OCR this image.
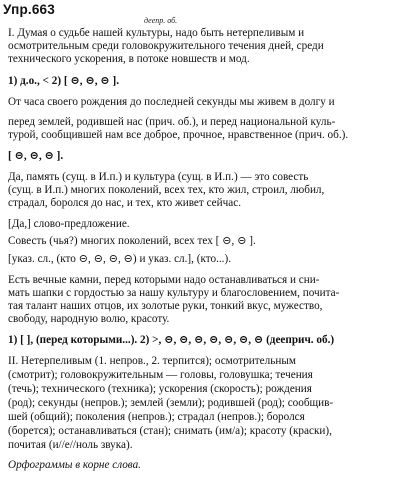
Упр.663
деепр. об.
I. Думая о судьбе нашей культуры, надо быть нетерпеливым и
осмотрительным среди головокружительного течения дней, среди
технического ускорения, в потоке новшеств и мод.
1) д.о., < 2) [ ⊝, ⊝, ⊝ ].
От часа своего рождения до последней секунды мы живем в долгу и
перед землей, родившей нас (прич. об.), и перед национальной куль-
турой, сообщившей нам все доброе, прочное, нравственное (прич. об.).
[ ⊝, ⊝, ⊝ ].
Да, память (сущ. в И.п.) и культура (сущ. в И.п.) — это совесть
(сущ. в И.п.) многих поколений, всех тех, кто жил, строил, любил,
страдал, боролся до нас, и тех, кто живет сейчас.
[Да,] слово-предложение.
Совесть (чья?) многих поколений, всех тех [ ⊝, ⊝ ].
[указ. сл., (кто ⊝, ⊝, ⊝, ⊝) и указ. сл.], (кто...).
Есть вечные камни, перед которыми надо останавливаться и сни-
мать шапки с гордостью за нашу культуру и благословением, почита-
тая талант наших отцов, их золотые руки, тонкий вкус, мужество,
свободу, народную волю, красоту.
1) [ ], (перед которыми...). 2) >, ⊝, ⊝, ⊝, ⊝, ⊝, ⊝, ⊝ (дееприч. об.)
II. Нетерпеливым (1. непров., 2. терпится); осмотрительным
(смотрит); головокружительным — головы, головушка; течения
(течь); технического (техника); ускорения (скорость); рождения
(род); секунды (непров.); землей (земли); родившей (род); сообщив-
шей (общий); поколения (непров.); страдал (непров.); боролся
(борется); останавливаться (стан); снимать (им/а); красоту (краски),
почитая (и//е//ноль звука).
Орфограммы в корне слова.
